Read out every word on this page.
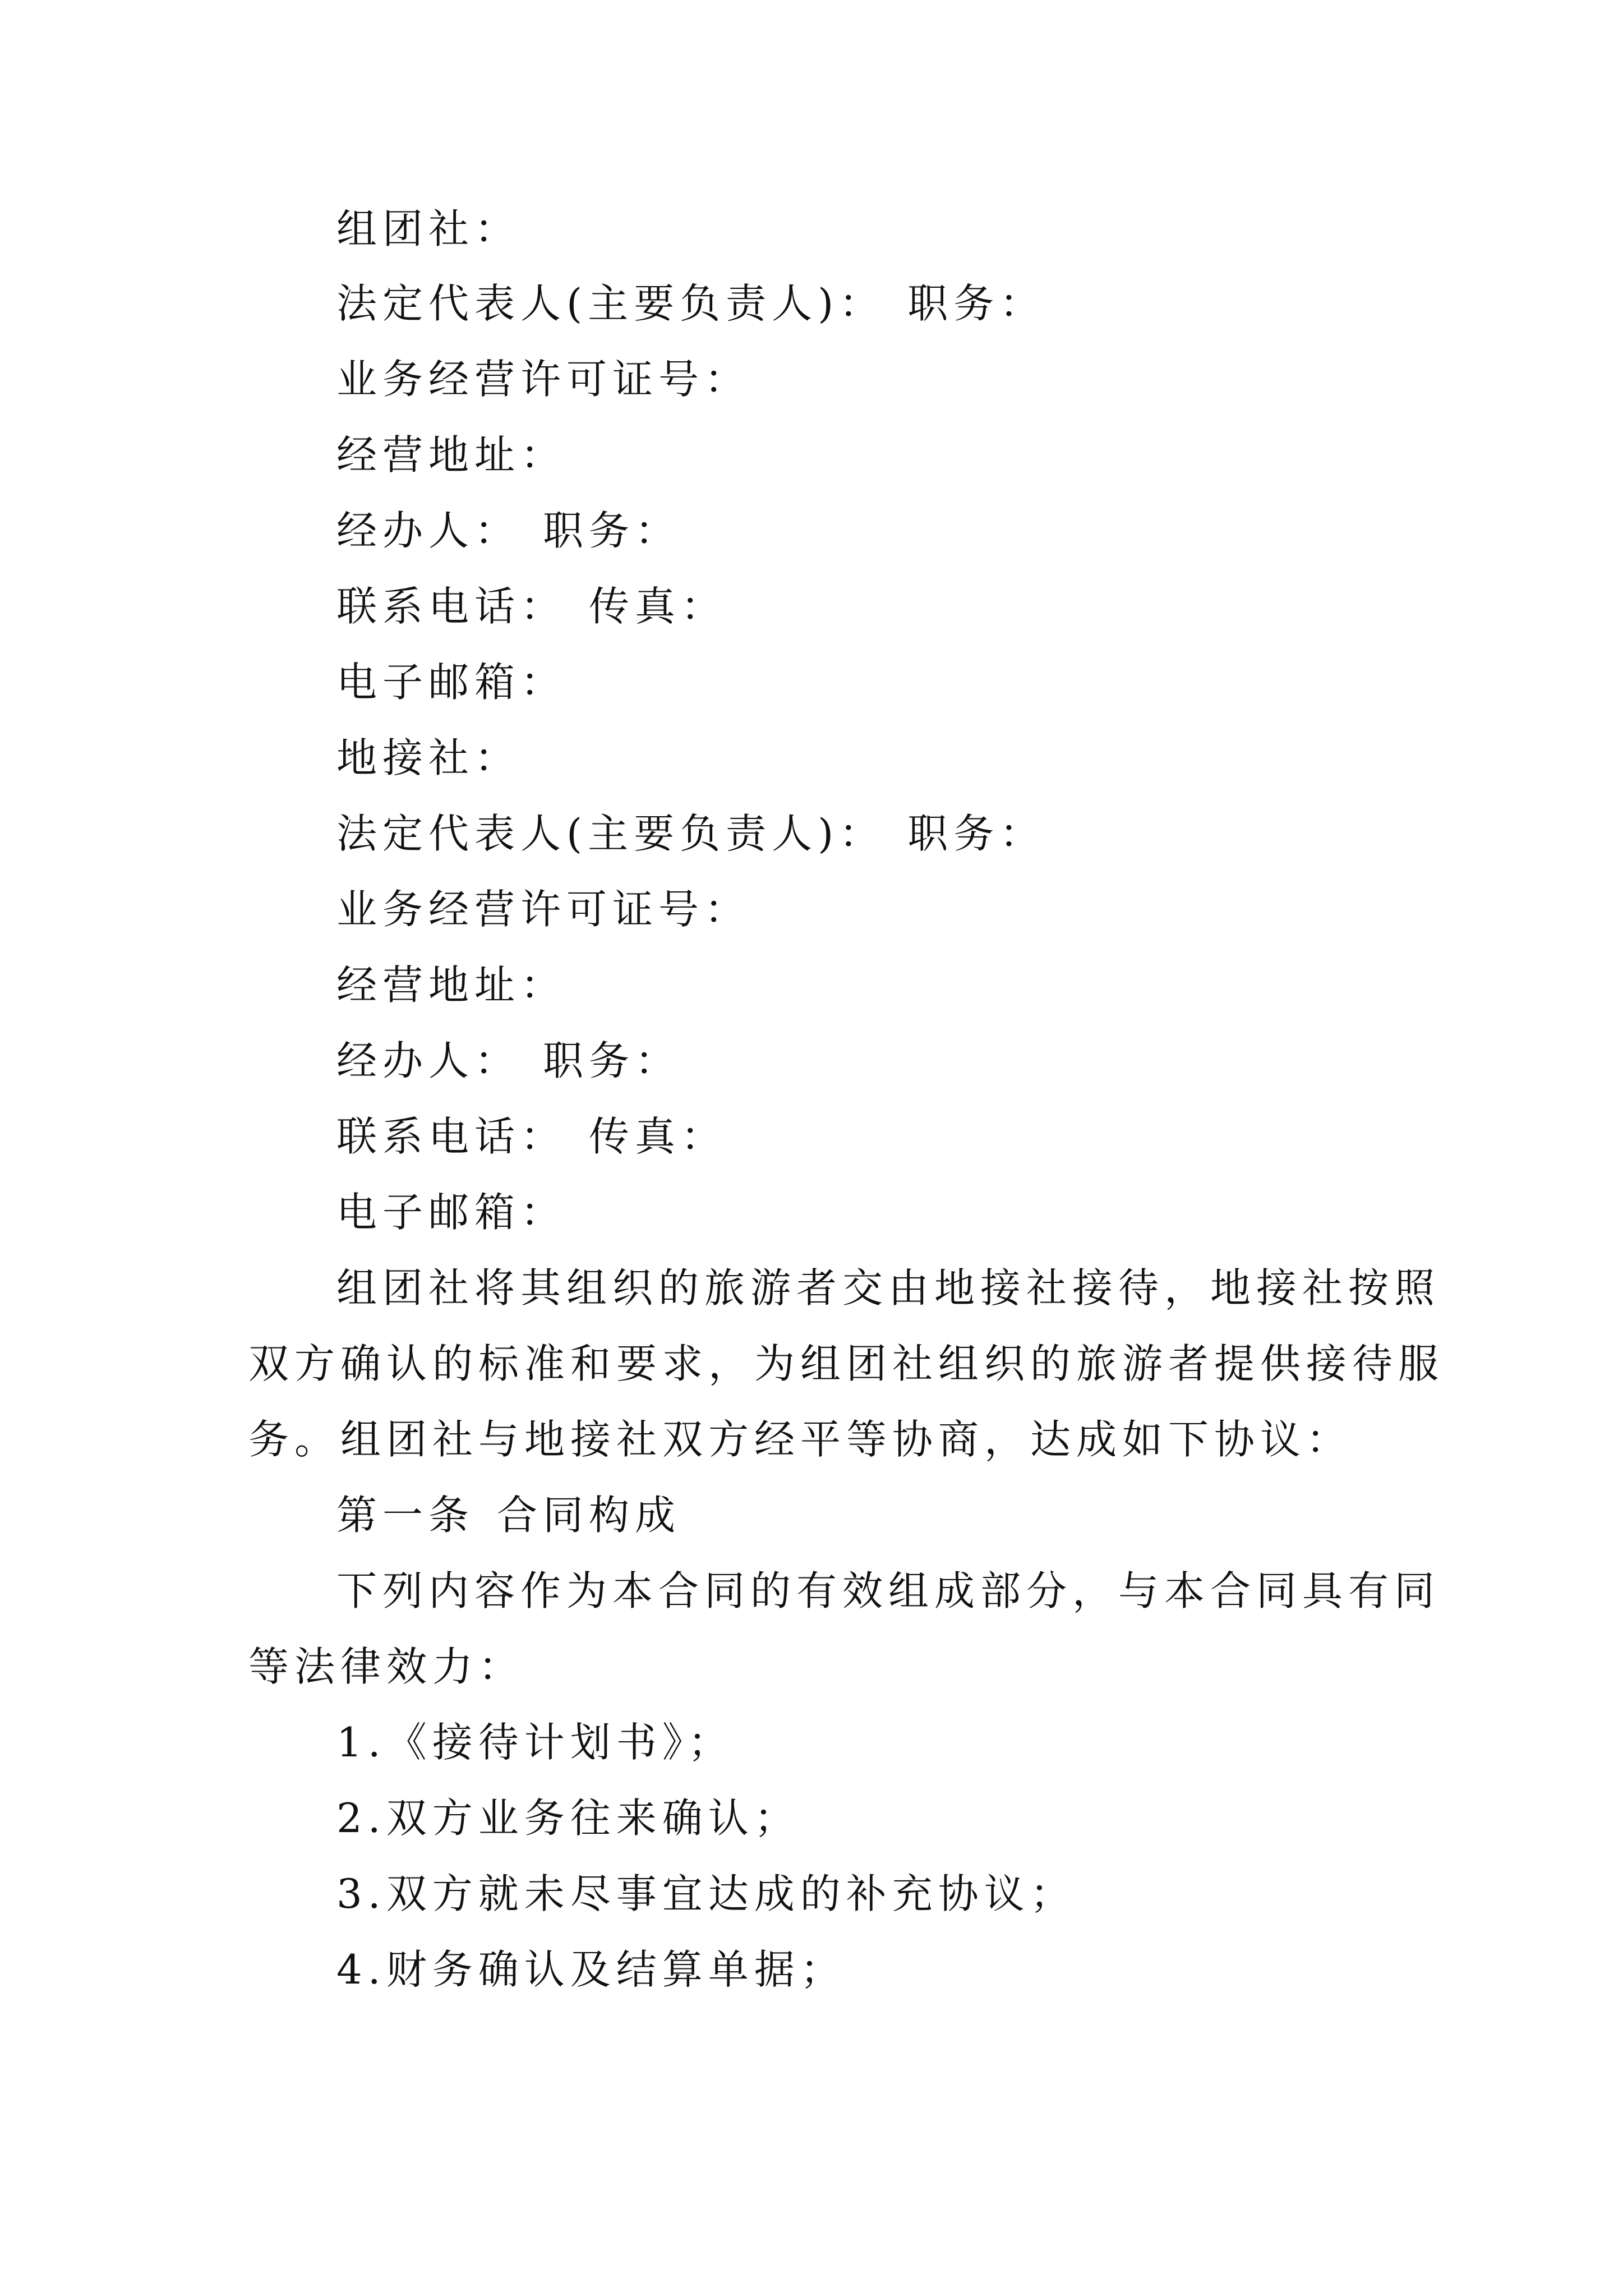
组团社：
法定代表人(主要负责人)： 职务：
业务经营许可证号：
经营地址：
经办人： 职务：
联系电话： 传真：
电子邮箱：
地接社：
法定代表人(主要负责人)： 职务：
业务经营许可证号：
经营地址：
经办人： 职务：
联系电话： 传真：
电子邮箱：
组团社将其组织的旅游者交由地接社接待，地接社按照
双方确认的标准和要求，为组团社组织的旅游者提供接待服
务。组团社与地接社双方经平等协商，达成如下协议：
第一条 合同构成
下列内容作为本合同的有效组成部分，与本合同具有同
等法律效力：
1.《接待计划书》；
2.双方业务往来确认；
3.双方就未尽事宜达成的补充协议；
4.财务确认及结算单据；
